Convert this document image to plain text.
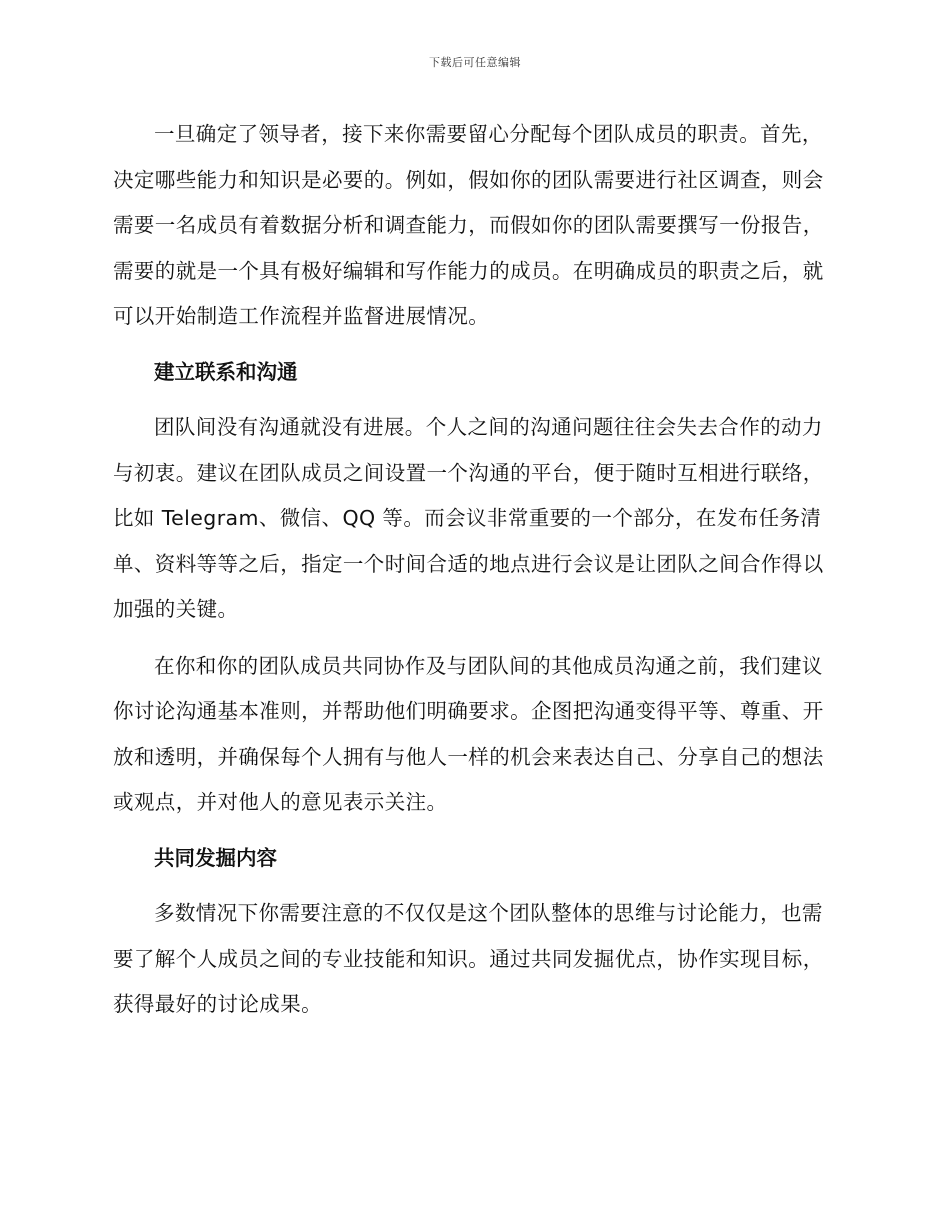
下载后可任意编辑

一旦确定了领导者，接下来你需要留心分配每个团队成员的职责。首先，决定哪些能力和知识是必要的。例如，假如你的团队需要进行社区调查，则会需要一名成员有着数据分析和调查能力，而假如你的团队需要撰写一份报告，需要的就是一个具有极好编辑和写作能力的成员。在明确成员的职责之后，就可以开始制造工作流程并监督进展情况。

建立联系和沟通

团队间没有沟通就没有进展。个人之间的沟通问题往往会失去合作的动力与初衷。建议在团队成员之间设置一个沟通的平台，便于随时互相进行联络，比如 Telegram、微信、QQ 等。而会议非常重要的一个部分，在发布任务清单、资料等等之后，指定一个时间合适的地点进行会议是让团队之间合作得以加强的关键。

在你和你的团队成员共同协作及与团队间的其他成员沟通之前，我们建议你讨论沟通基本准则，并帮助他们明确要求。企图把沟通变得平等、尊重、开放和透明，并确保每个人拥有与他人一样的机会来表达自己、分享自己的想法或观点，并对他人的意见表示关注。

共同发掘内容

多数情况下你需要注意的不仅仅是这个团队整体的思维与讨论能力，也需要了解个人成员之间的专业技能和知识。通过共同发掘优点，协作实现目标，获得最好的讨论成果。
